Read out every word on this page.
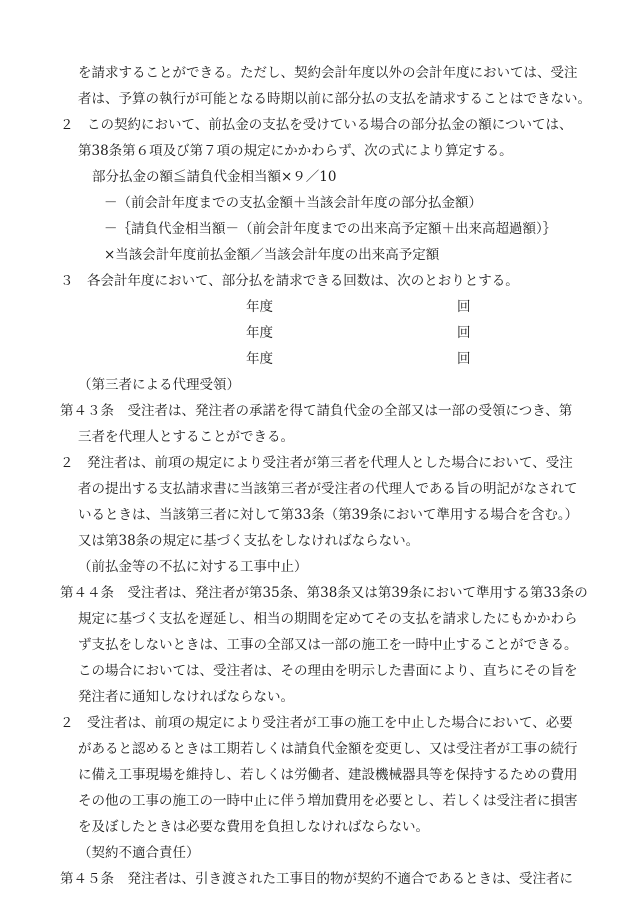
を請求することができる。ただし、契約会計年度以外の会計年度においては、受注
者は、予算の執行が可能となる時期以前に部分払の支払を請求することはできない。
２　この契約において、前払金の支払を受けている場合の部分払金の額については、
第38条第６項及び第７項の規定にかかわらず、次の式により算定する。
部分払金の額≦請負代金相当額×９／10
－（前会計年度までの支払金額＋当該会計年度の部分払金額）
－｛請負代金相当額－（前会計年度までの出来高予定額＋出来高超過額）｝
×当該会計年度前払金額／当該会計年度の出来高予定額
３　各会計年度において、部分払を請求できる回数は、次のとおりとする。
年度	回
年度	回
年度	回
（第三者による代理受領）
第４３条　受注者は、発注者の承諾を得て請負代金の全部又は一部の受領につき、第
三者を代理人とすることができる。
２　発注者は、前項の規定により受注者が第三者を代理人とした場合において、受注
者の提出する支払請求書に当該第三者が受注者の代理人である旨の明記がなされて
いるときは、当該第三者に対して第33条（第39条において準用する場合を含む。）
又は第38条の規定に基づく支払をしなければならない。
（前払金等の不払に対する工事中止）
第４４条　受注者は、発注者が第35条、第38条又は第39条において準用する第33条の
規定に基づく支払を遅延し、相当の期間を定めてその支払を請求したにもかかわら
ず支払をしないときは、工事の全部又は一部の施工を一時中止することができる。
この場合においては、受注者は、その理由を明示した書面により、直ちにその旨を
発注者に通知しなければならない。
２　受注者は、前項の規定により受注者が工事の施工を中止した場合において、必要
があると認めるときは工期若しくは請負代金額を変更し、又は受注者が工事の続行
に備え工事現場を維持し、若しくは労働者、建設機械器具等を保持するための費用
その他の工事の施工の一時中止に伴う増加費用を必要とし、若しくは受注者に損害
を及ぼしたときは必要な費用を負担しなければならない。
（契約不適合責任）
第４５条　発注者は、引き渡された工事目的物が契約不適合であるときは、受注者に
